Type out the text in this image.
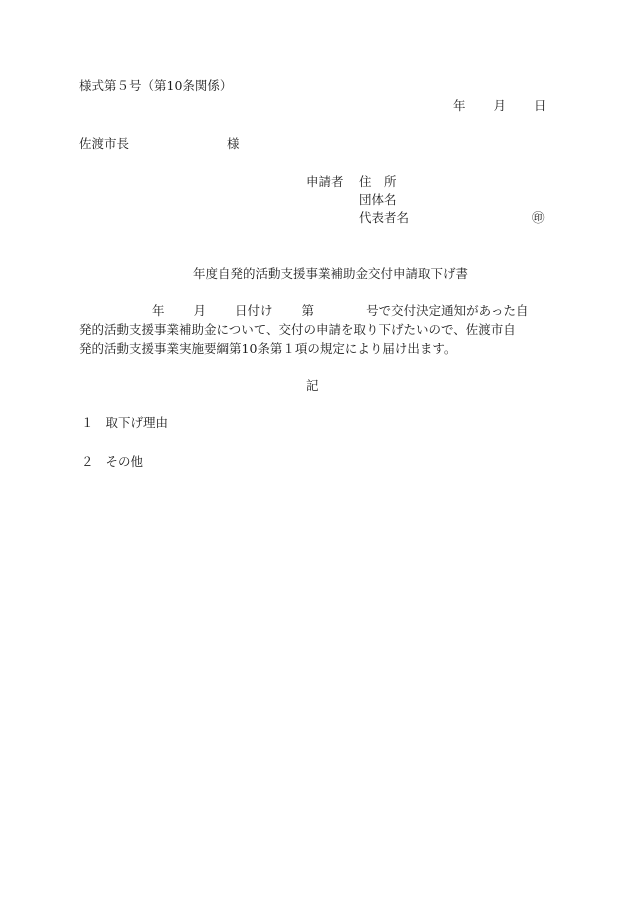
様式第５号（第10条関係）
年 月 日
佐渡市長	様
申請者 住　所
団体名
代表者名	㊞
年度自発的活動支援事業補助金交付申請取下げ書
年 月 日付け 第	号で交付決定通知があった自
発的活動支援事業補助金について、交付の申請を取り下げたいので、佐渡市自
発的活動支援事業実施要綱第10条第１項の規定により届け出ます。
記
１ 取下げ理由
２ その他
